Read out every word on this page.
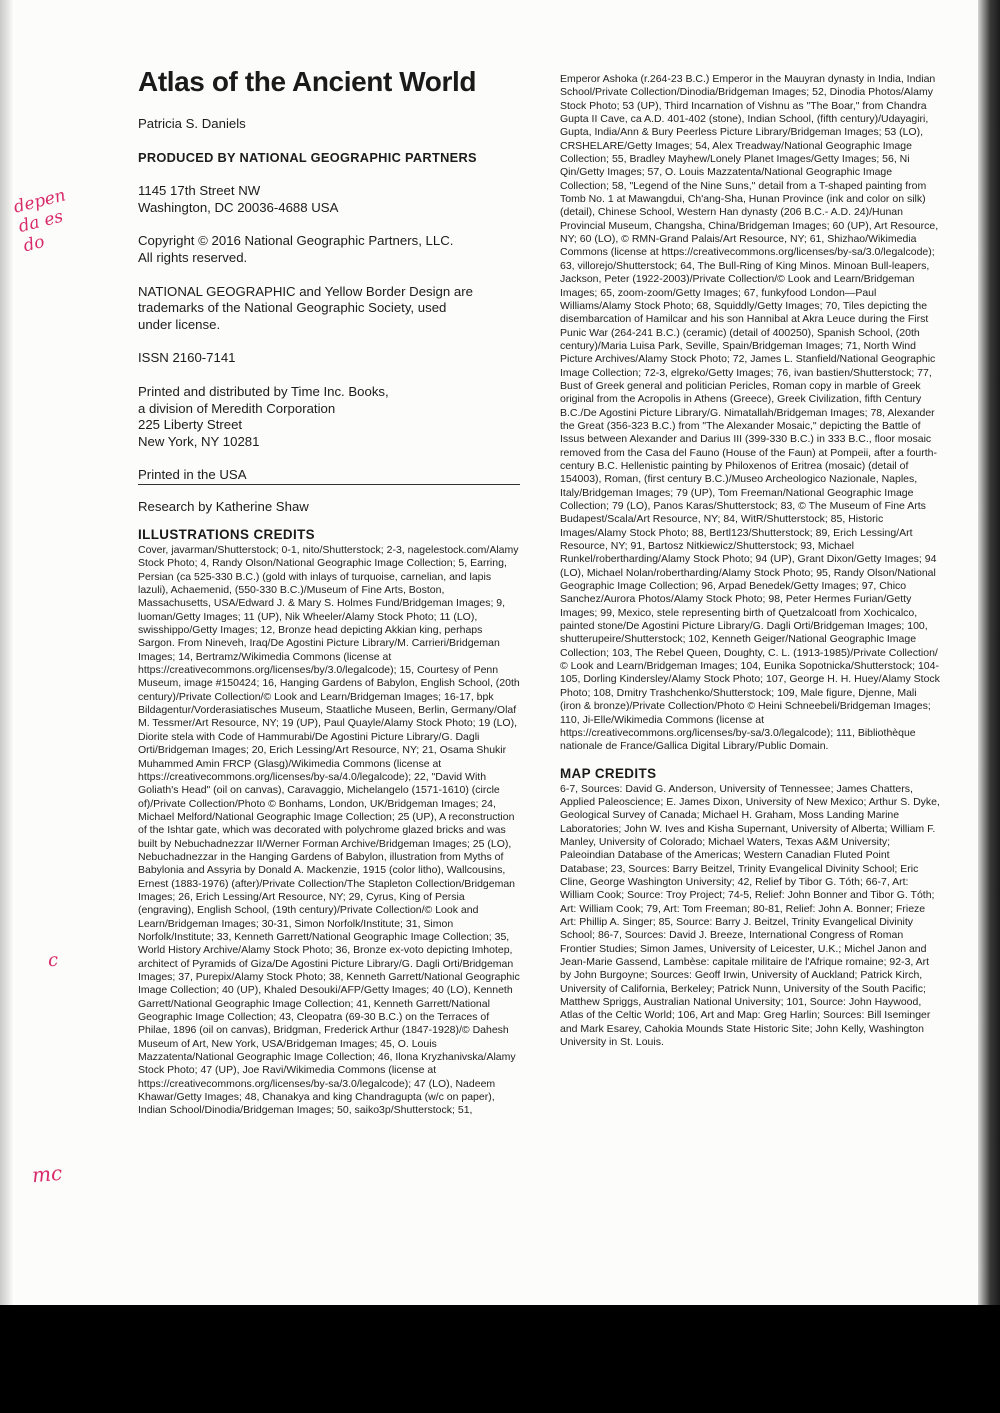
Atlas of the Ancient World

Patricia S. Daniels

PRODUCED BY NATIONAL GEOGRAPHIC PARTNERS

1145 17th Street NW

Washington, DC 20036-4688 USA

Copyright © 2016 National Geographic Partners, LLC.

All rights reserved.

NATIONAL GEOGRAPHIC and Yellow Border Design are

trademarks of the National Geographic Society, used

under license.

ISSN 2160-7141

Printed and distributed by Time Inc. Books,

a division of Meredith Corporation

225 Liberty Street

New York, NY 10281

Printed in the USA

Research by Katherine Shaw
ILLUSTRATIONS CREDITS

Cover, javarman/Shutterstock; 0-1, nito/Shutterstock; 2-3, nagelestock.com/Alamy Stock Photo; 4, Randy Olson/National Geographic Image Collection; 5, Earring, Persian (ca 525-330 B.C.) (gold with inlays of turquoise, carnelian, and lapis lazuli), Achaemenid, (550-330 B.C.)/Museum of Fine Arts, Boston, Massachusetts, USA/Edward J. & Mary S. Holmes Fund/Bridgeman Images; 9, luoman/Getty Images; 11 (UP), Nik Wheeler/Alamy Stock Photo; 11 (LO), swisshippo/Getty Images; 12, Bronze head depicting Akkian king, perhaps Sargon. From Nineveh, Iraq/De Agostini Picture Library/M. Carrieri/Bridgeman Images; 14, Bertramz/Wikimedia Commons (license at https://creativecommons.org/licenses/by/3.0/legalcode); 15, Courtesy of Penn Museum, image #150424; 16, Hanging Gardens of Babylon, English School, (20th century)/Private Collection/© Look and Learn/Bridgeman Images; 16-17, bpk Bildagentur/Vorderasiatisches Museum, Staatliche Museen, Berlin, Germany/Olaf M. Tessmer/Art Resource, NY; 19 (UP), Paul Quayle/Alamy Stock Photo; 19 (LO), Diorite stela with Code of Hammurabi/De Agostini Picture Library/G. Dagli Orti/Bridgeman Images; 20, Erich Lessing/Art Resource, NY; 21, Osama Shukir Muhammed Amin FRCP (Glasg)/Wikimedia Commons (license at https://creativecommons.org/licenses/by-sa/4.0/legalcode); 22, "David With Goliath's Head" (oil on canvas), Caravaggio, Michelangelo (1571-1610) (circle of)/Private Collection/Photo © Bonhams, London, UK/Bridgeman Images; 24, Michael Melford/National Geographic Image Collection; 25 (UP), A reconstruction of the Ishtar gate, which was decorated with polychrome glazed bricks and was built by Nebuchadnezzar II/Werner Forman Archive/Bridgeman Images; 25 (LO), Nebuchadnezzar in the Hanging Gardens of Babylon, illustration from Myths of Babylonia and Assyria by Donald A. Mackenzie, 1915 (color litho), Wallcousins, Ernest (1883-1976) (after)/Private Collection/The Stapleton Collection/Bridgeman Images; 26, Erich Lessing/Art Resource, NY; 29, Cyrus, King of Persia (engraving), English School, (19th century)/Private Collection/© Look and Learn/Bridgeman Images; 30-31, Simon Norfolk/Institute; 31, Simon Norfolk/Institute; 33, Kenneth Garrett/National Geographic Image Collection; 35, World History Archive/Alamy Stock Photo; 36, Bronze ex-voto depicting Imhotep, architect of Pyramids of Giza/De Agostini Picture Library/G. Dagli Orti/Bridgeman Images; 37, Purepix/Alamy Stock Photo; 38, Kenneth Garrett/National Geographic Image Collection; 40 (UP), Khaled Desouki/AFP/Getty Images; 40 (LO), Kenneth Garrett/National Geographic Image Collection; 41, Kenneth Garrett/National Geographic Image Collection; 43, Cleopatra (69-30 B.C.) on the Terraces of Philae, 1896 (oil on canvas), Bridgman, Frederick Arthur (1847-1928)/© Dahesh Museum of Art, New York, USA/Bridgeman Images; 45, O. Louis Mazzatenta/National Geographic Image Collection; 46, Ilona Kryzhanivska/Alamy Stock Photo; 47 (UP), Joe Ravi/Wikimedia Commons (license at https://creativecommons.org/licenses/by-sa/3.0/legalcode); 47 (LO), Nadeem Khawar/Getty Images; 48, Chanakya and king Chandragupta (w/c on paper), Indian School/Dinodia/Bridgeman Images; 50, saiko3p/Shutterstock; 51,

Emperor Ashoka (r.264-23 B.C.) Emperor in the Mauyran dynasty in India, Indian School/Private Collection/Dinodia/Bridgeman Images; 52, Dinodia Photos/Alamy Stock Photo; 53 (UP), Third Incarnation of Vishnu as "The Boar," from Chandra Gupta II Cave, ca A.D. 401-402 (stone), Indian School, (fifth century)/Udayagiri, Gupta, India/Ann & Bury Peerless Picture Library/Bridgeman Images; 53 (LO), CRSHELARE/Getty Images; 54, Alex Treadway/National Geographic Image Collection; 55, Bradley Mayhew/Lonely Planet Images/Getty Images; 56, Ni Qin/Getty Images; 57, O. Louis Mazzatenta/National Geographic Image Collection; 58, "Legend of the Nine Suns," detail from a T-shaped painting from Tomb No. 1 at Mawangdui, Ch'ang-Sha, Hunan Province (ink and color on silk) (detail), Chinese School, Western Han dynasty (206 B.C.- A.D. 24)/Hunan Provincial Museum, Changsha, China/Bridgeman Images; 60 (UP), Art Resource, NY; 60 (LO), © RMN-Grand Palais/Art Resource, NY; 61, Shizhao/Wikimedia Commons (license at https://creativecommons.org/licenses/by-sa/3.0/legalcode); 63, villorejo/Shutterstock; 64, The Bull-Ring of King Minos. Minoan Bull-leapers, Jackson, Peter (1922-2003)/Private Collection/© Look and Learn/Bridgeman Images; 65, zoom-zoom/Getty Images; 67, funkyfood London—Paul Williams/Alamy Stock Photo; 68, Squiddly/Getty Images; 70, Tiles depicting the disembarcation of Hamilcar and his son Hannibal at Akra Leuce during the First Punic War (264-241 B.C.) (ceramic) (detail of 400250), Spanish School, (20th century)/Maria Luisa Park, Seville, Spain/Bridgeman Images; 71, North Wind Picture Archives/Alamy Stock Photo; 72, James L. Stanfield/National Geographic Image Collection; 72-3, elgreko/Getty Images; 76, ivan bastien/Shutterstock; 77, Bust of Greek general and politician Pericles, Roman copy in marble of Greek original from the Acropolis in Athens (Greece), Greek Civilization, fifth Century B.C./De Agostini Picture Library/G. Nimatallah/Bridgeman Images; 78, Alexander the Great (356-323 B.C.) from "The Alexander Mosaic," depicting the Battle of Issus between Alexander and Darius III (399-330 B.C.) in 333 B.C., floor mosaic removed from the Casa del Fauno (House of the Faun) at Pompeii, after a fourth-century B.C. Hellenistic painting by Philoxenos of Eritrea (mosaic) (detail of 154003), Roman, (first century B.C.)/Museo Archeologico Nazionale, Naples, Italy/Bridgeman Images; 79 (UP), Tom Freeman/National Geographic Image Collection; 79 (LO), Panos Karas/Shutterstock; 83, © The Museum of Fine Arts Budapest/Scala/Art Resource, NY; 84, WitR/Shutterstock; 85, Historic Images/Alamy Stock Photo; 88, Bertl123/Shutterstock; 89, Erich Lessing/Art Resource, NY; 91, Bartosz Nitkiewicz/Shutterstock; 93, Michael Runkel/robertharding/Alamy Stock Photo; 94 (UP), Grant Dixon/Getty Images; 94 (LO), Michael Nolan/robertharding/Alamy Stock Photo; 95, Randy Olson/National Geographic Image Collection; 96, Arpad Benedek/Getty Images; 97, Chico Sanchez/Aurora Photos/Alamy Stock Photo; 98, Peter Hermes Furian/Getty Images; 99, Mexico, stele representing birth of Quetzalcoatl from Xochicalco, painted stone/De Agostini Picture Library/G. Dagli Orti/Bridgeman Images; 100, shutterupeire/Shutterstock; 102, Kenneth Geiger/National Geographic Image Collection; 103, The Rebel Queen, Doughty, C. L. (1913-1985)/Private Collection/© Look and Learn/Bridgeman Images; 104, Eunika Sopotnicka/Shutterstock; 104-105, Dorling Kindersley/Alamy Stock Photo; 107, George H. H. Huey/Alamy Stock Photo; 108, Dmitry Trashchenko/Shutterstock; 109, Male figure, Djenne, Mali (iron & bronze)/Private Collection/Photo © Heini Schneebeli/Bridgeman Images; 110, Ji-Elle/Wikimedia Commons (license at https://creativecommons.org/licenses/by-sa/3.0/legalcode); 111, Bibliothèque nationale de France/Gallica Digital Library/Public Domain.

MAP CREDITS

6-7, Sources: David G. Anderson, University of Tennessee; James Chatters, Applied Paleoscience; E. James Dixon, University of New Mexico; Arthur S. Dyke, Geological Survey of Canada; Michael H. Graham, Moss Landing Marine Laboratories; John W. Ives and Kisha Supernant, University of Alberta; William F. Manley, University of Colorado; Michael Waters, Texas A&M University; Paleoindian Database of the Americas; Western Canadian Fluted Point Database; 23, Sources: Barry Beitzel, Trinity Evangelical Divinity School; Eric Cline, George Washington University; 42, Relief by Tibor G. Tóth; 66-7, Art: William Cook; Source: Troy Project; 74-5, Relief: John Bonner and Tibor G. Tóth; Art: William Cook; 79, Art: Tom Freeman; 80-81, Relief: John A. Bonner; Frieze Art: Phillip A. Singer; 85, Source: Barry J. Beitzel, Trinity Evangelical Divinity School; 86-7, Sources: David J. Breeze, International Congress of Roman Frontier Studies; Simon James, University of Leicester, U.K.; Michel Janon and Jean-Marie Gassend, Lambèse: capitale militaire de l'Afrique romaine; 92-3, Art by John Burgoyne; Sources: Geoff Irwin, University of Auckland; Patrick Kirch, University of California, Berkeley; Patrick Nunn, University of the South Pacific; Matthew Spriggs, Australian National University; 101, Source: John Haywood, Atlas of the Celtic World; 106, Art and Map: Greg Harlin; Sources: Bill Iseminger and Mark Esarey, Cahokia Mounds State Historic Site; John Kelly, Washington University in St. Louis.

depen da es do
c
mc
